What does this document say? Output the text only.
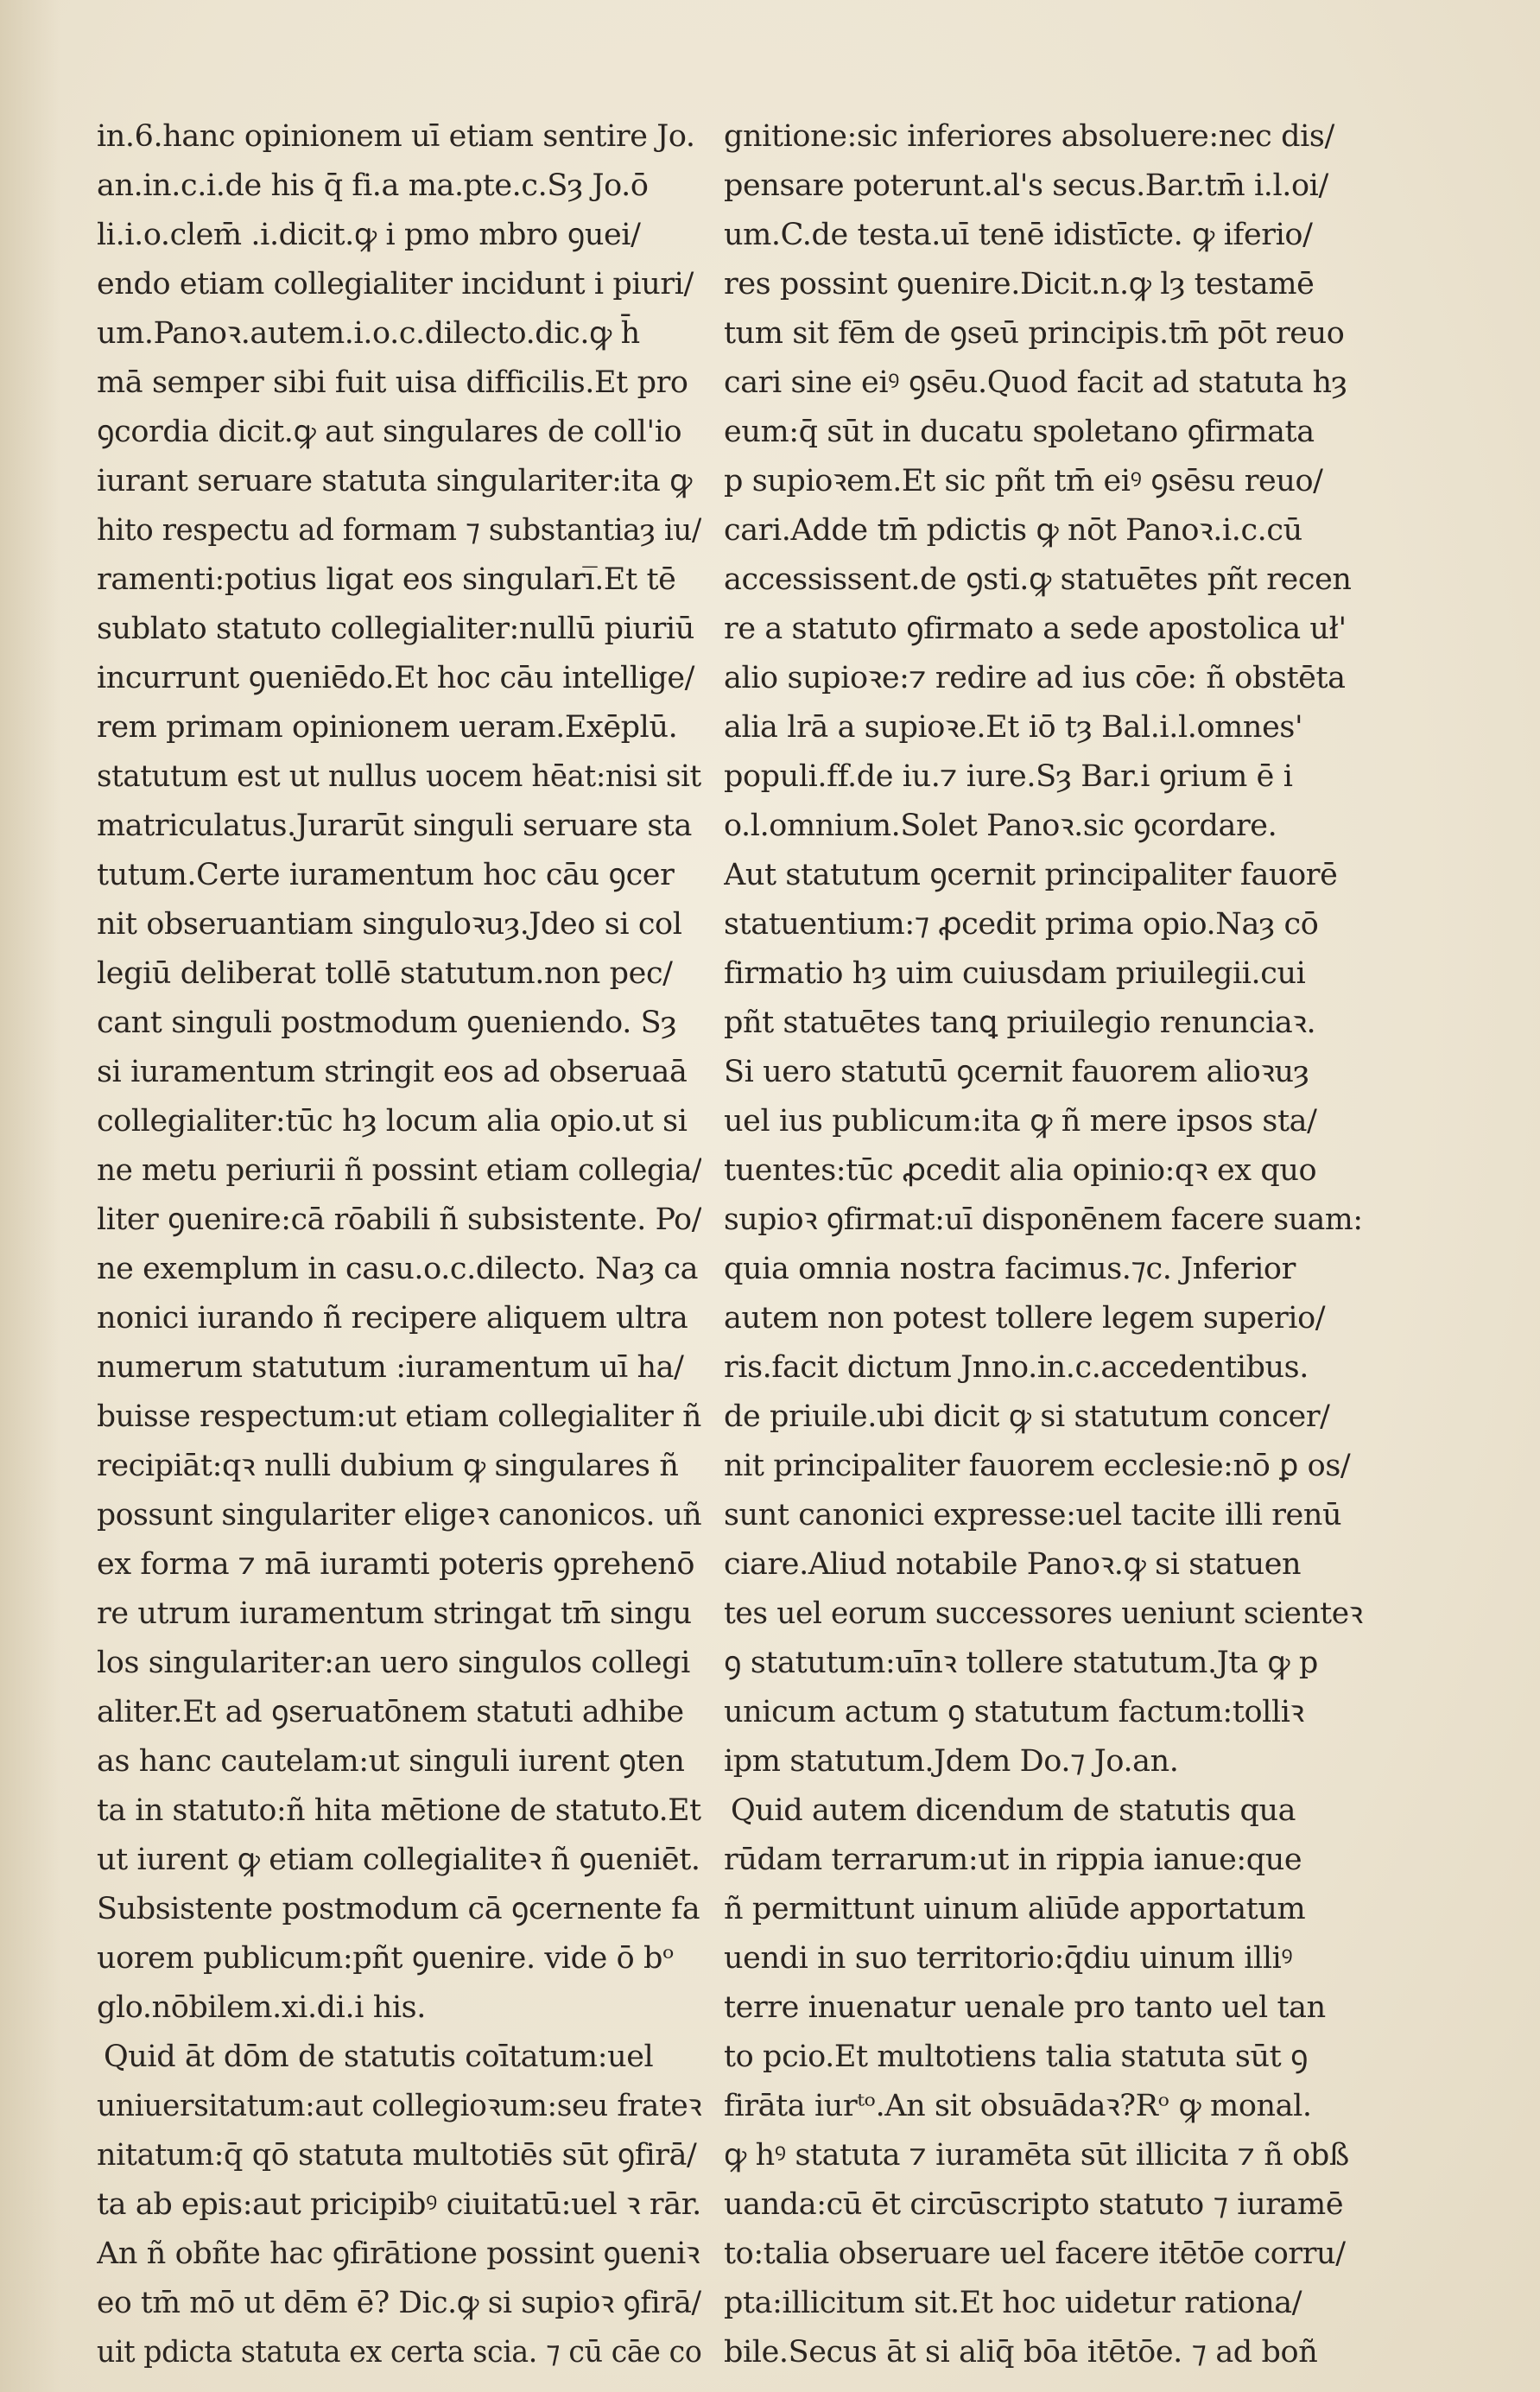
in.6.hanc opinionem uī etiam sentire Jo.
an.in.c.i.de his q̄ fi.a ma.pte.c.Sȝ Jo.ō
li.i.o.clem̄ .i.dicit.ꝙ i pmo mbro ꝯuei/
endo etiam collegialiter incidunt i piuri/
um.Panoꝛ.autem.i.o.c.dilecto.dic.ꝙ h̄
mā semper sibi fuit uisa difficilis.Et pro
ꝯcordia dicit.ꝙ aut singulares de coll'io
iurant seruare statuta singulariter:ita ꝙ
hito respectu ad formam ⁊ substantiaȝ iu/
ramenti:potius ligat eos singulari̅.Et tē
sublato statuto collegialiter:nullū piuriū
incurrunt ꝯueniēdo.Et hoc cāu intellige/
rem primam opinionem ueram.Exēplū.
statutum est ut nullus uocem hēat:nisi sit
matriculatus.Jurarūt singuli seruare sta
tutum.Certe iuramentum hoc cāu ꝯcer
nit obseruantiam singuloꝛuȝ.Jdeo si col
legiū deliberat tollē statutum.non pec/
cant singuli postmodum ꝯueniendo. Sȝ
si iuramentum stringit eos ad obseruaā
collegialiter:tūc hȝ locum alia opio.ut si
ne metu periurii ñ possint etiam collegia/
liter ꝯuenire:cā rōabili ñ subsistente. Po/
ne exemplum in casu.o.c.dilecto. Naȝ ca
nonici iurando ñ recipere aliquem ultra
numerum statutum :iuramentum uī ha/
buisse respectum:ut etiam collegialiter ñ
recipiāt:qꝛ nulli dubium ꝙ singulares ñ
possunt singulariter eligeꝛ canonicos. uñ
ex forma ⁊ mā iuramti poteris ꝯprehenō
re utrum iuramentum stringat tm̄ singu
los singulariter:an uero singulos collegi
aliter.Et ad ꝯseruatōnem statuti adhibe
as hanc cautelam:ut singuli iurent ꝯten
ta in statuto:ñ hita mētione de statuto.Et
ut iurent ꝙ etiam collegialiteꝛ ñ ꝯueniēt.
Subsistente postmodum cā ꝯcernente fa
uorem publicum:pñt ꝯuenire. vide ō bᵒ
glo.nōbilem.xi.di.i his.
Quid āt dōm de statutis coītatum:uel
uniuersitatum:aut collegioꝛum:seu frateꝛ
nitatum:q̄ qō statuta multotiēs sūt ꝯfirā/
ta ab epis:aut pricipibꝰ ciuitatū:uel ꝛ rār.
An ñ obñte hac ꝯfirātione possint ꝯueniꝛ
eo tm̄ mō ut dēm ē? Dic.ꝙ si supioꝛ ꝯfirā/
uit pdicta statuta ex certa scia. ⁊ cū cāe co
gnitione:sic inferiores absoluere:nec dis/
pensare poterunt.al's secus.Bar.tm̄ i.l.oi/
um.C.de testa.uī tenē idistīcte. ꝙ iferio/
res possint ꝯuenire.Dicit.n.ꝙ lȝ testamē
tum sit fēm de ꝯseū principis.tm̄ pōt reuo
cari sine eiꝰ ꝯsēu.Quod facit ad statuta hȝ
eum:q̄ sūt in ducatu spoletano ꝯfirmata
p supioꝛem.Et sic pñt tm̄ eiꝰ ꝯsēsu reuo/
cari.Adde tm̄ pdictis ꝙ nōt Panoꝛ.i.c.cū
accessissent.de ꝯsti.ꝙ statuētes pñt recen
re a statuto ꝯfirmato a sede apostolica uł'
alio supioꝛe:⁊ redire ad ius cōe: ñ obstēta
alia lrā a supioꝛe.Et iō tȝ Bal.i.l.omnes'
populi.ff.de iu.⁊ iure.Sȝ Bar.i ꝯrium ē i
o.l.omnium.Solet Panoꝛ.sic ꝯcordare.
Aut statutum ꝯcernit principaliter fauorē
statuentium:⁊ ꝓcedit prima opio.Naȝ cō
firmatio hȝ uim cuiusdam priuilegii.cui
pñt statuētes tanꝗ priuilegio renunciaꝛ.
Si uero statutū ꝯcernit fauorem alioꝛuȝ
uel ius publicum:ita ꝙ ñ mere ipsos sta/
tuentes:tūc ꝓcedit alia opinio:qꝛ ex quo
supioꝛ ꝯfirmat:uī disponēnem facere suam:
quia omnia nostra facimus.⁊c. Jnferior
autem non potest tollere legem superio/
ris.facit dictum Jnno.in.c.accedentibus.
de priuile.ubi dicit ꝙ si statutum concer/
nit principaliter fauorem ecclesie:nō ꝑ os/
sunt canonici expresse:uel tacite illi renū
ciare.Aliud notabile Panoꝛ.ꝙ si statuen
tes uel eorum successores ueniunt scienteꝛ
ꝯ statutum:uīnꝛ tollere statutum.Jta ꝙ p
unicum actum ꝯ statutum factum:tolliꝛ
ipm statutum.Jdem Do.⁊ Jo.an.
Quid autem dicendum de statutis qua
rūdam terrarum:ut in rippia ianue:que
ñ permittunt uinum aliūde apportatum
uendi in suo territorio:q̄diu uinum illiꝰ
terre inuenatur uenale pro tanto uel tan
to pcio.Et multotiens talia statuta sūt ꝯ
firāta iurᵗᵒ.An sit obsuādaꝛ?Rᵒ ꝙ monal.
ꝙ hꝰ statuta ⁊ iuramēta sūt illicita ⁊ ñ obß
uanda:cū ēt circūscripto statuto ⁊ iuramē
to:talia obseruare uel facere itētōe corru/
pta:illicitum sit.Et hoc uidetur rationa/
bile.Secus āt si aliq̄ bōa itētōe. ⁊ ad boñ
